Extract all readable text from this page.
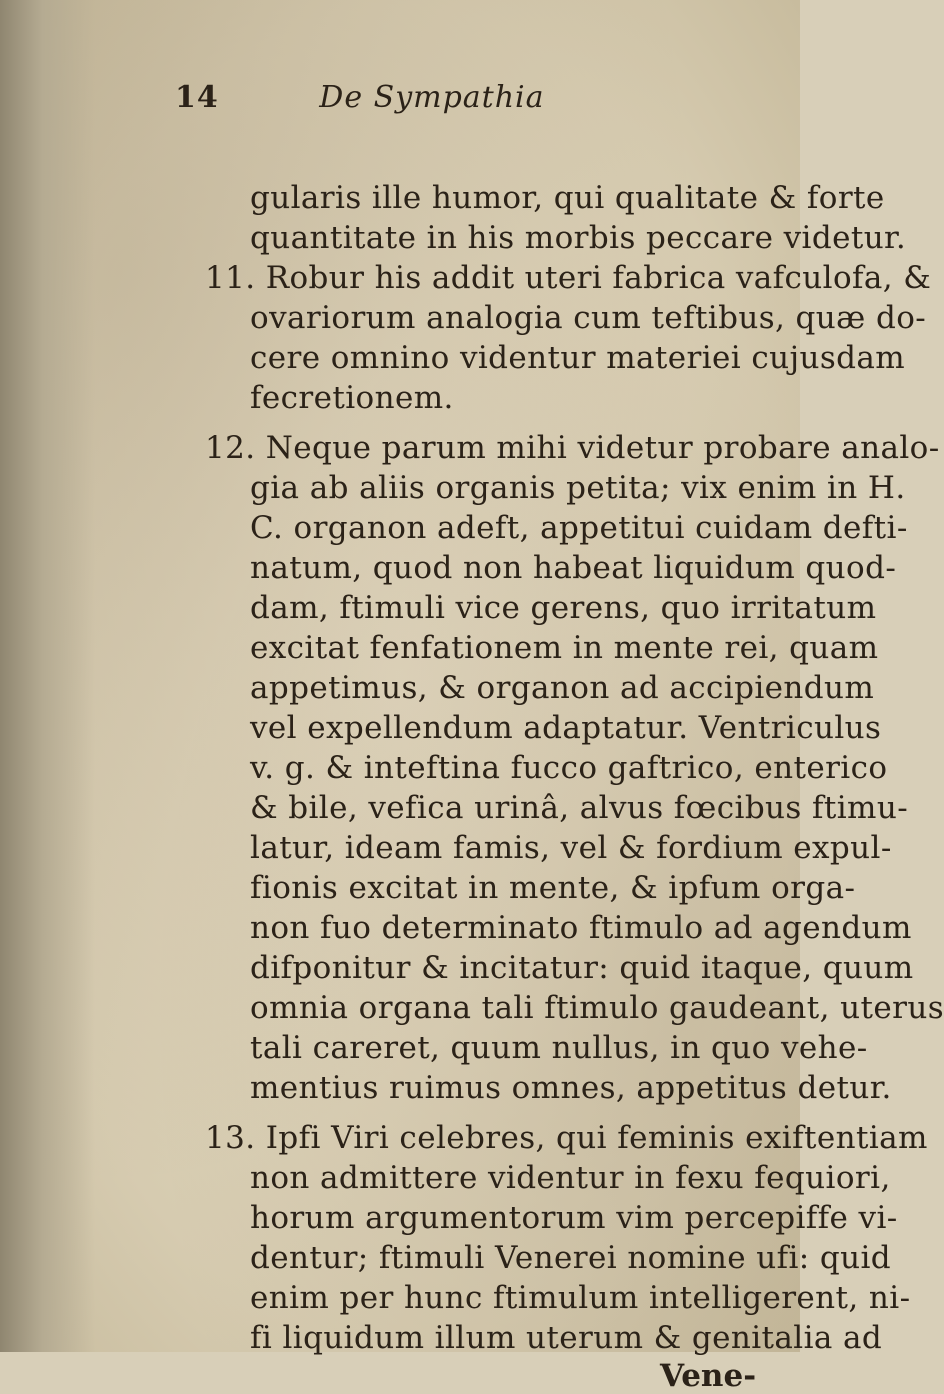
14	De Sympathia
gularis ille humor, qui qualitate & forte
quantitate in his morbis peccare videtur.
11. Robur his addit uteri fabrica vafculofa, &
ovariorum analogia cum teftibus, quæ do-
cere omnino videntur materiei cujusdam
fecretionem.
12. Neque parum mihi videtur probare analo-
gia ab aliis organis petita; vix enim in H.
C. organon adeft, appetitui cuidam defti-
natum, quod non habeat liquidum quod-
dam, ftimuli vice gerens, quo irritatum
excitat fenfationem in mente rei, quam
appetimus, & organon ad accipiendum
vel expellendum adaptatur. Ventriculus
v. g. & inteftina fucco gaftrico, enterico
& bile, vefica urinâ, alvus fœcibus ftimu-
latur, ideam famis, vel & fordium expul-
fionis excitat in mente, & ipfum orga-
non fuo determinato ftimulo ad agendum
difponitur & incitatur: quid itaque, quum
omnia organa tali ftimulo gaudeant, uterus
tali careret, quum nullus, in quo vehe-
mentius ruimus omnes, appetitus detur.
13. Ipfi Viri celebres, qui feminis exiftentiam
non admittere videntur in fexu fequiori,
horum argumentorum vim percepiffe vi-
dentur; ftimuli Venerei nomine ufi: quid
enim per hunc ftimulum intelligerent, ni-
fi liquidum illum uterum & genitalia ad
Vene-
